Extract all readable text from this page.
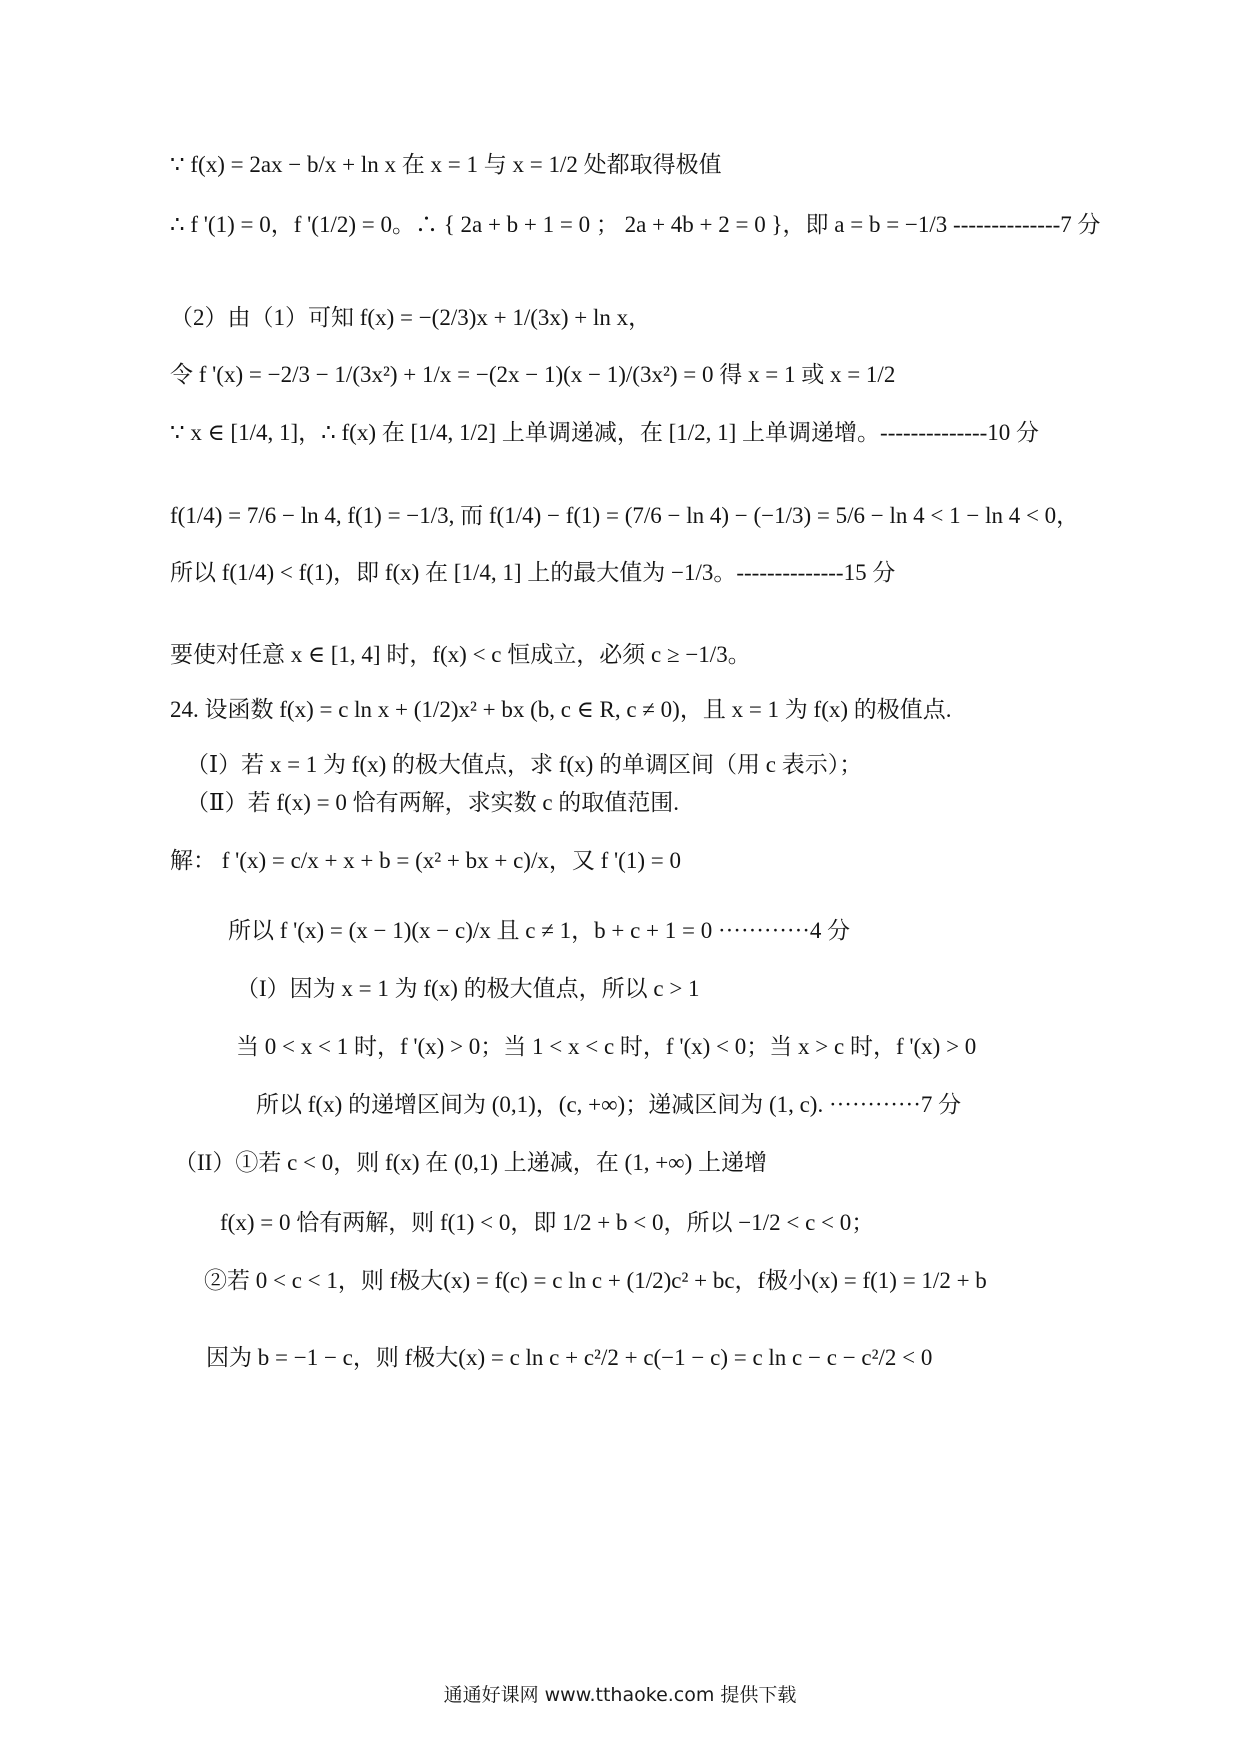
∵ f(x) = 2ax − b/x + ln x 在 x = 1 与 x = 1/2 处都取得极值
∴ f '(1) = 0，f '(1/2) = 0。∴ { 2a + b + 1 = 0 ； 2a + 4b + 2 = 0 }，即 a = b = −1/3 --------------7 分
（2）由（1）可知 f(x) = −(2/3)x + 1/(3x) + ln x，
令 f '(x) = −2/3 − 1/(3x²) + 1/x = −(2x − 1)(x − 1)/(3x²) = 0 得 x = 1 或 x = 1/2
∵ x ∈ [1/4, 1]，∴ f(x) 在 [1/4, 1/2] 上单调递减，在 [1/2, 1] 上单调递增。--------------10 分
f(1/4) = 7/6 − ln 4, f(1) = −1/3, 而 f(1/4) − f(1) = (7/6 − ln 4) − (−1/3) = 5/6 − ln 4 < 1 − ln 4 < 0，
所以 f(1/4) < f(1)，即 f(x) 在 [1/4, 1] 上的最大值为 −1/3。--------------15 分
要使对任意 x ∈ [1, 4] 时，f(x) < c 恒成立，必须 c ≥ −1/3。
24. 设函数 f(x) = c ln x + (1/2)x² + bx (b, c ∈ R, c ≠ 0)，且 x = 1 为 f(x) 的极值点.
（Ⅰ）若 x = 1 为 f(x) 的极大值点，求 f(x) 的单调区间（用 c 表示）；
（Ⅱ）若 f(x) = 0 恰有两解，求实数 c 的取值范围.
解： f '(x) = c/x + x + b = (x² + bx + c)/x，又 f '(1) = 0
所以 f '(x) = (x − 1)(x − c)/x 且 c ≠ 1，b + c + 1 = 0 ············4 分
（I）因为 x = 1 为 f(x) 的极大值点，所以 c > 1
当 0 < x < 1 时，f '(x) > 0；当 1 < x < c 时，f '(x) < 0；当 x > c 时，f '(x) > 0
所以 f(x) 的递增区间为 (0,1)，(c, +∞)；递减区间为 (1, c). ············7 分
（II）①若 c < 0，则 f(x) 在 (0,1) 上递减，在 (1, +∞) 上递增
f(x) = 0 恰有两解，则 f(1) < 0，即 1/2 + b < 0，所以 −1/2 < c < 0；
②若 0 < c < 1，则 f极大(x) = f(c) = c ln c + (1/2)c² + bc，f极小(x) = f(1) = 1/2 + b
因为 b = −1 − c，则 f极大(x) = c ln c + c²/2 + c(−1 − c) = c ln c − c − c²/2 < 0
通通好课网 www.tthaoke.com 提供下载
